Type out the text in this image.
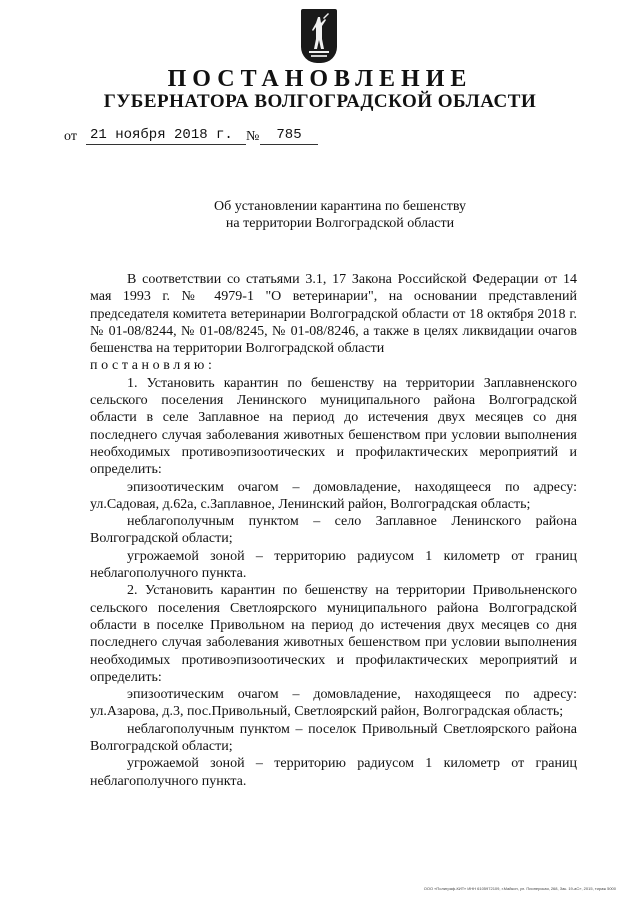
ПОСТАНОВЛЕНИЕ
ГУБЕРНАТОРА ВОЛГОГРАДСКОЙ ОБЛАСТИ
от 21 ноября 2018 г. №	785
Об установлении карантина по бешенству
на территории Волгоградской области

В соответствии со статьями 3.1, 17 Закона Российской Федерации от 14 мая 1993 г. № 4979-1 "О ветеринарии", на основании представлений председателя комитета ветеринарии Волгоградской области от 18 октября 2018 г. № 01-08/8244, № 01-08/8245, № 01-08/8246, а также в целях ликвидации очагов бешенства на территории Волгоградской области

постановляю:

1. Установить карантин по бешенству на территории Заплавненского сельского поселения Ленинского муниципального района Волгоградской области в селе Заплавное на период до истечения двух месяцев со дня последнего случая заболевания животных бешенством при условии выполнения необходимых противоэпизоотических и профилактических мероприятий и определить:

эпизоотическим очагом – домовладение, находящееся по адресу: ул.Садовая, д.62а, с.Заплавное, Ленинский район, Волгоградская область;

неблагополучным пунктом – село Заплавное Ленинского района Волгоградской области;

угрожаемой зоной – территорию радиусом 1 километр от границ неблагополучного пункта.

2. Установить карантин по бешенству на территории Привольненского сельского поселения Светлоярского муниципального района Волгоградской области в поселке Привольном на период до истечения двух месяцев со дня последнего случая заболевания животных бешенством при условии выполнения необходимых противоэпизоотических и профилактических мероприятий и определить:

эпизоотическим очагом – домовладение, находящееся по адресу: ул.Азарова, д.3, пос.Привольный, Светлоярский район, Волгоградская область;

неблагополучным пунктом – поселок Привольный Светлоярского района Волгоградской области;

угрожаемой зоной – территорию радиусом 1 километр от границ неблагополучного пункта.

ООО «Полиграф-КИТ» ИНН 6105972109, г.Майкоп, ул. Пионерская, 268, Зак. 19-aС», 2015, тираж 5000
